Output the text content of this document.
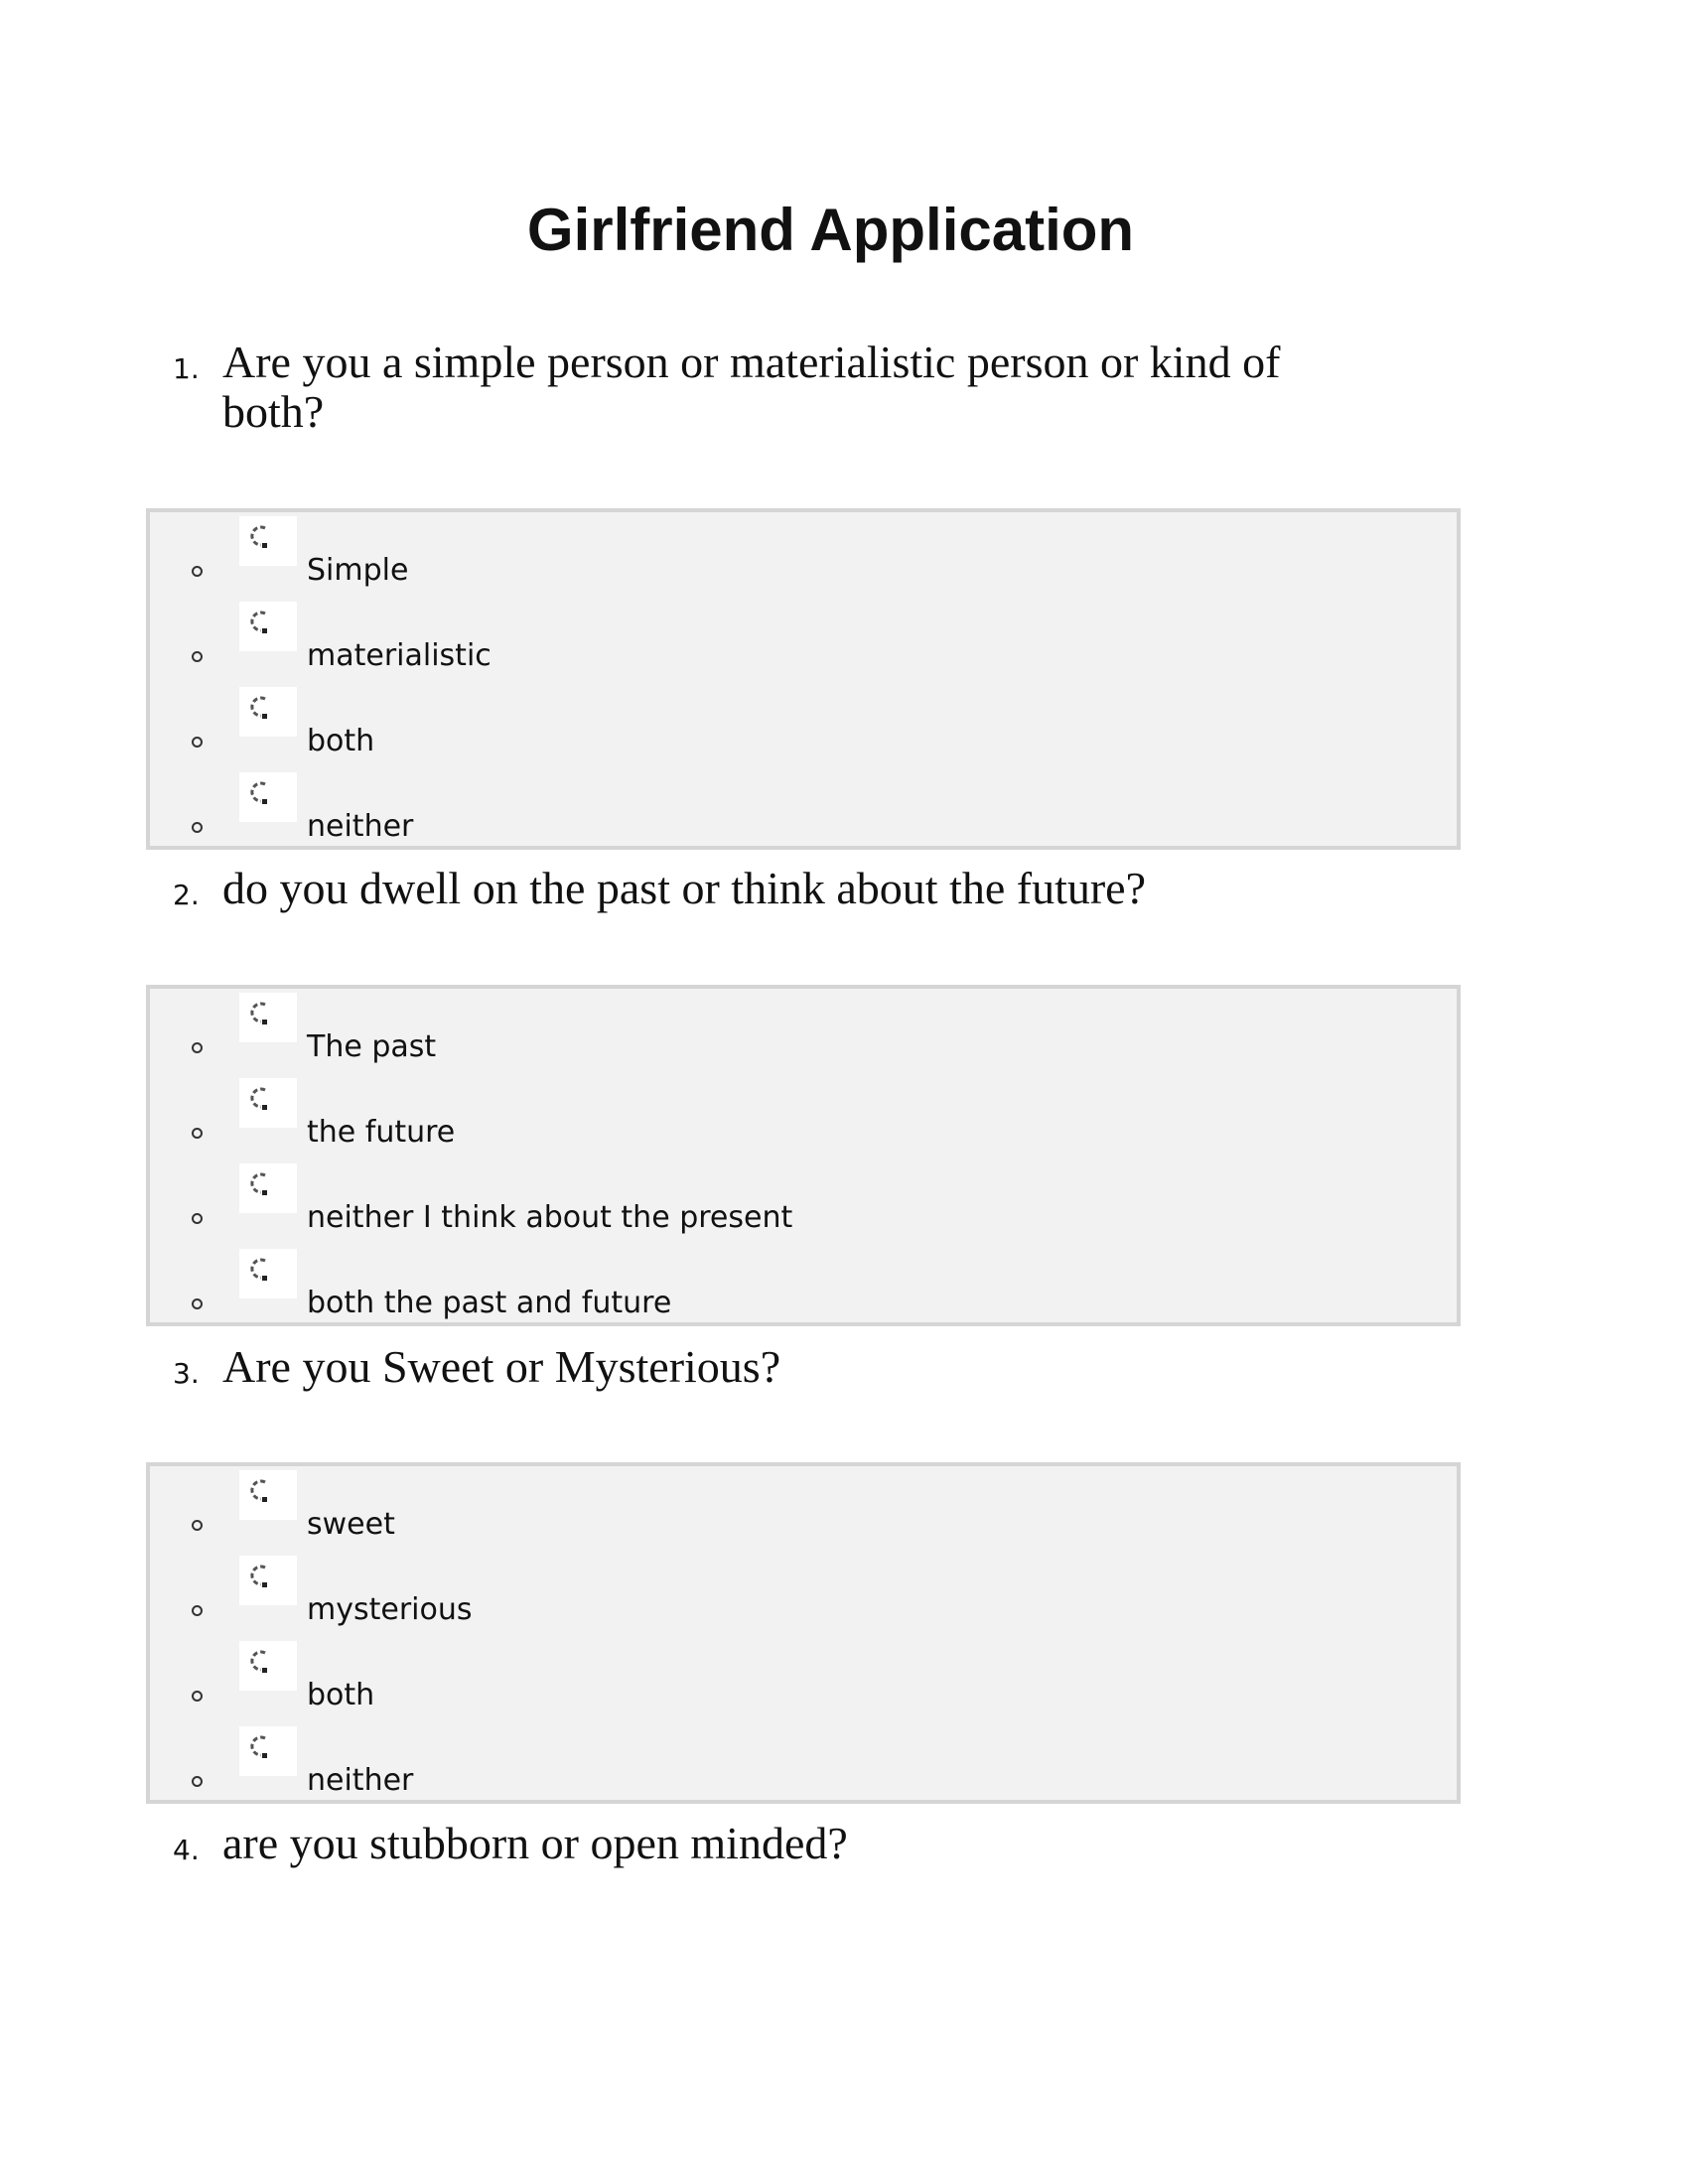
Girlfriend Application
1. Are you a simple person or materialistic person or kind of both?
Simple
materialistic
both
neither
2. do you dwell on the past or think about the future?
The past
the future
neither I think about the present
both the past and future
3. Are you Sweet or Mysterious?
sweet
mysterious
both
neither
4. are you stubborn or open minded?
